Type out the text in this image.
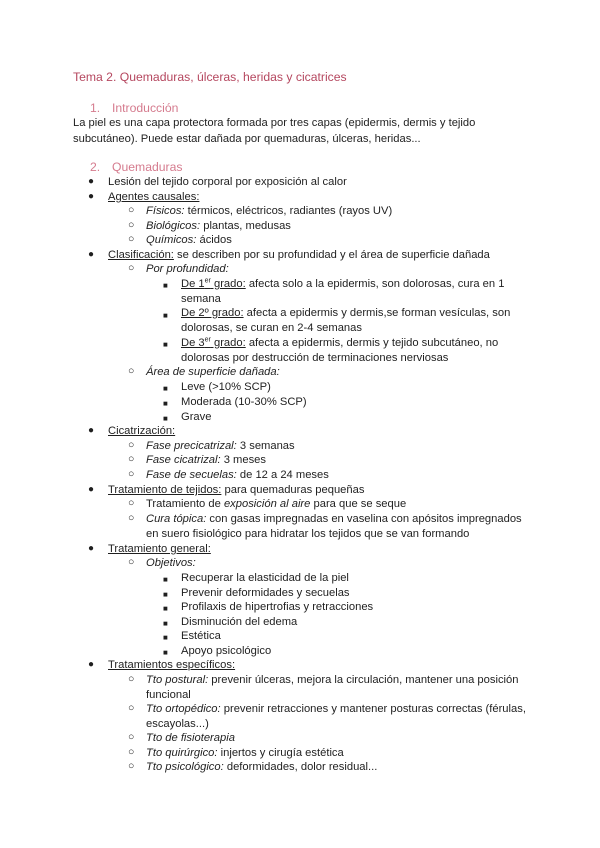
Tema 2. Quemaduras, úlceras, heridas y cicatrices
1. Introducción
La piel es una capa protectora formada por tres capas (epidermis, dermis y tejido
subcutáneo). Puede estar dañada por quemaduras, úlceras, heridas...
2. Quemaduras
● Lesión del tejido corporal por exposición al calor
● Agentes causales:
○ Físicos: térmicos, eléctricos, radiantes (rayos UV)
○ Biológicos: plantas, medusas
○ Químicos: ácidos
● Clasificación: se describen por su profundidad y el área de superficie dañada
○ Por profundidad:
■ De 1er grado: afecta solo a la epidermis, son dolorosas, cura en 1
semana
■ De 2º grado: afecta a epidermis y dermis,se forman vesículas, son
dolorosas, se curan en 2-4 semanas
■ De 3er grado: afecta a epidermis, dermis y tejido subcutáneo, no
dolorosas por destrucción de terminaciones nerviosas
○ Área de superficie dañada:
■ Leve (>10% SCP)
■ Moderada (10-30% SCP)
■ Grave
● Cicatrización:
○ Fase precicatrizal: 3 semanas
○ Fase cicatrizal: 3 meses
○ Fase de secuelas: de 12 a 24 meses
● Tratamiento de tejidos: para quemaduras pequeñas
○ Tratamiento de exposición al aire para que se seque
○ Cura tópica: con gasas impregnadas en vaselina con apósitos impregnados
en suero fisiológico para hidratar los tejidos que se van formando
● Tratamiento general:
○ Objetivos:
■ Recuperar la elasticidad de la piel
■ Prevenir deformidades y secuelas
■ Profilaxis de hipertrofias y retracciones
■ Disminución del edema
■ Estética
■ Apoyo psicológico
● Tratamientos específicos:
○ Tto postural: prevenir úlceras, mejora la circulación, mantener una posición
funcional
○ Tto ortopédico: prevenir retracciones y mantener posturas correctas (férulas,
escayolas...)
○ Tto de fisioterapia
○ Tto quirúrgico: injertos y cirugía estética
○ Tto psicológico: deformidades, dolor residual...
